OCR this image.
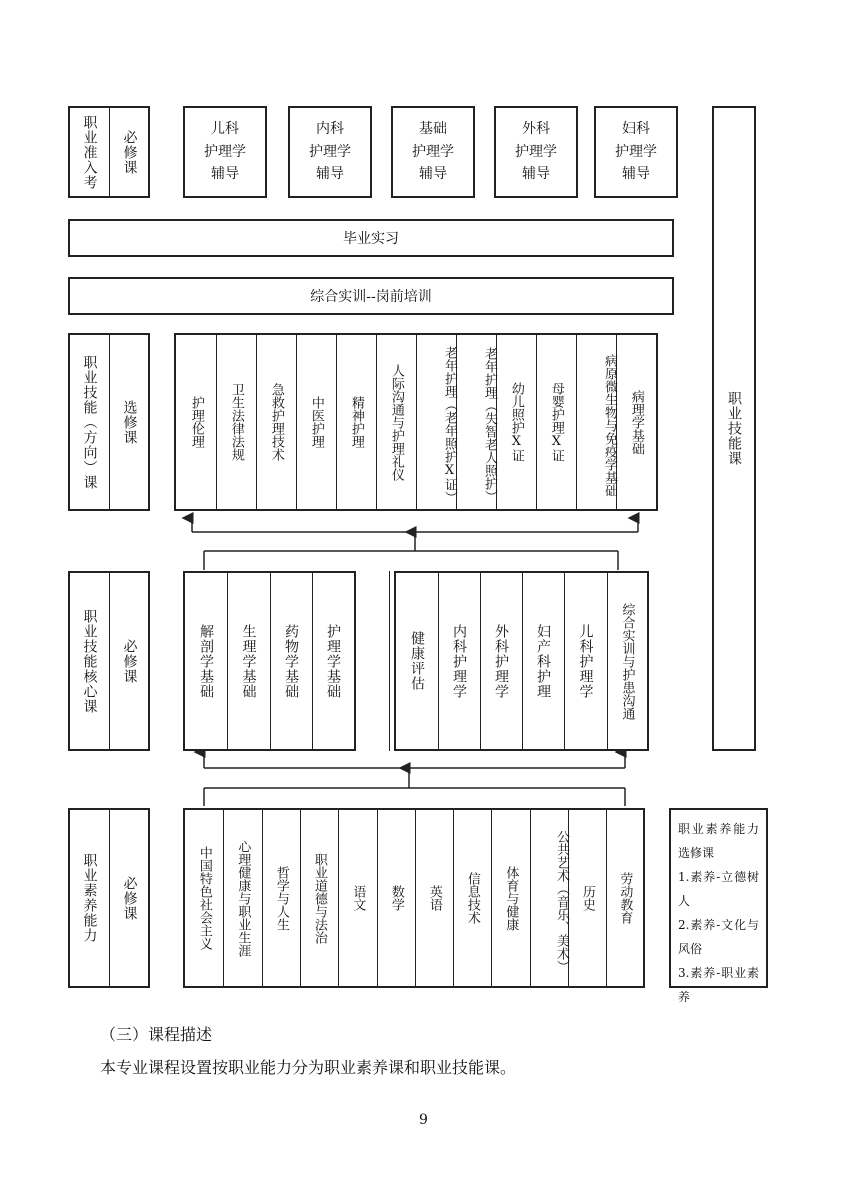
职业准入考	必修课
儿科
护理学
辅导
内科
护理学
辅导
基础
护理学
辅导
外科
护理学
辅导
妇科
护理学
辅导
毕业实习
综合实训--岗前培训
职业技能课
职业技能（方向）课	选修课	护理伦理	卫生法律法规	急救护理技术	中医护理	精神护理	人际沟通与护理礼仪	老年护理（老年照护Ⅹ证）	老年护理（失智老人照护） 幼儿照护Ⅹ证	母婴护理Ⅹ证	病原微生物与免疫学基础 病理学基础
职业技能核心课	必修课	解剖学基础	生理学基础	药物学基础	护理学基础	健康评估	内科护理学	外科护理学	妇产科护理	儿科护理学	综合实训与护患沟通
职业素养能力	必修课	中国特色社会主义	心理健康与职业生涯	哲学与人生	职业道德与法治	语文	数学	英语	信息技术	体育与健康	公共艺术（音乐、美术） 历史	劳动教育
职业素养能力选修课
1.素养-立德树人
2.素养-文化与风俗
3.素养-职业素养
（三）课程描述
本专业课程设置按职业能力分为职业素养课和职业技能课。
9
